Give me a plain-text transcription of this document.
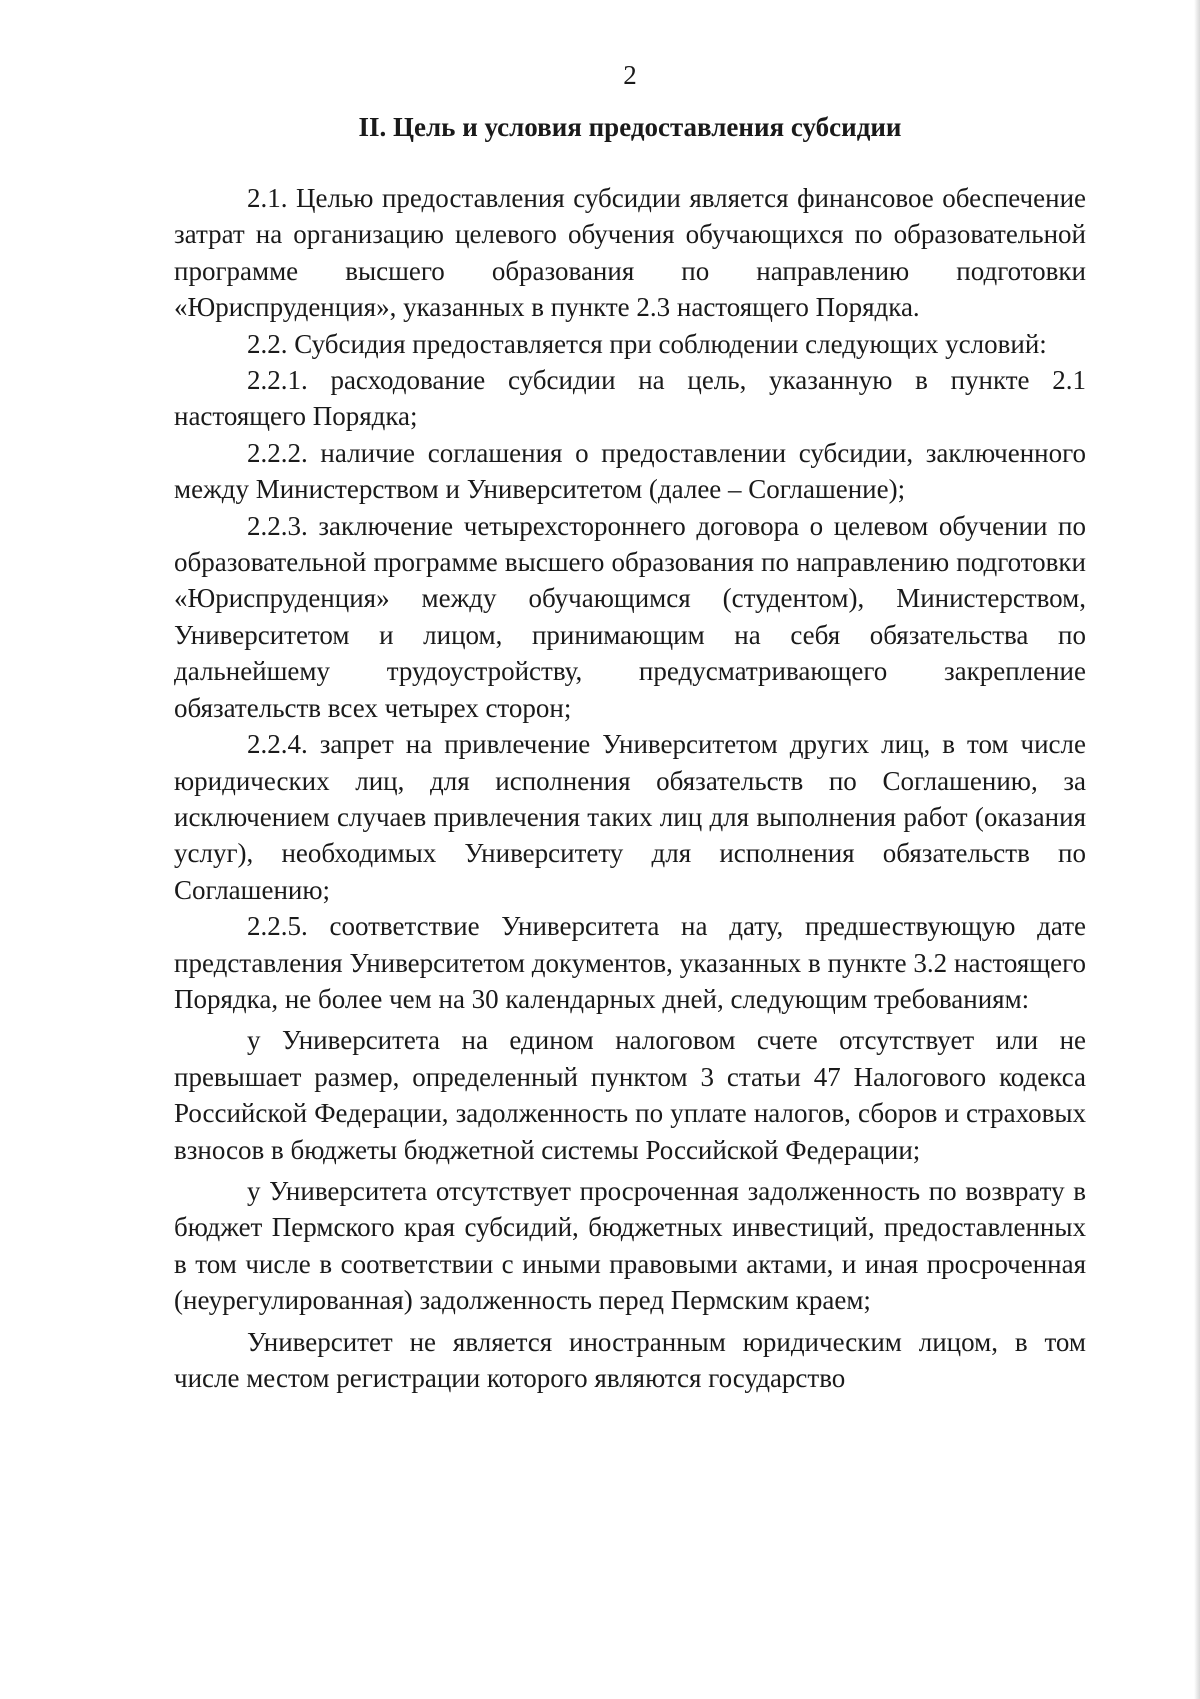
2
II. Цель и условия предоставления субсидии

2.1. Целью предоставления субсидии является финансовое обеспечение затрат на организацию целевого обучения обучающихся по образовательной программе высшего образования по направлению подготовки «Юриспруденция», указанных в пункте 2.3 настоящего Порядка.

2.2. Субсидия предоставляется при соблюдении следующих условий:

2.2.1. расходование субсидии на цель, указанную в пункте 2.1 настоящего Порядка;

2.2.2. наличие соглашения о предоставлении субсидии, заключенного между Министерством и Университетом (далее – Соглашение);

2.2.3. заключение четырехстороннего договора о целевом обучении по образовательной программе высшего образования по направлению подготовки «Юриспруденция» между обучающимся (студентом), Министерством, Университетом и лицом, принимающим на себя обязательства по дальнейшему трудоустройству, предусматривающего закрепление обязательств всех четырех сторон;

2.2.4. запрет на привлечение Университетом других лиц, в том числе юридических лиц, для исполнения обязательств по Соглашению, за исключением случаев привлечения таких лиц для выполнения работ (оказания услуг), необходимых Университету для исполнения обязательств по Соглашению;

2.2.5. соответствие Университета на дату, предшествующую дате представления Университетом документов, указанных в пункте 3.2 настоящего Порядка, не более чем на 30 календарных дней, следующим требованиям:

у Университета на едином налоговом счете отсутствует или не превышает размер, определенный пунктом 3 статьи 47 Налогового кодекса Российской Федерации, задолженность по уплате налогов, сборов и страховых взносов в бюджеты бюджетной системы Российской Федерации;

у Университета отсутствует просроченная задолженность по возврату в бюджет Пермского края субсидий, бюджетных инвестиций, предоставленных в том числе в соответствии с иными правовыми актами, и иная просроченная (неурегулированная) задолженность перед Пермским краем;

Университет не является иностранным юридическим лицом, в том числе местом регистрации которого являются государство
